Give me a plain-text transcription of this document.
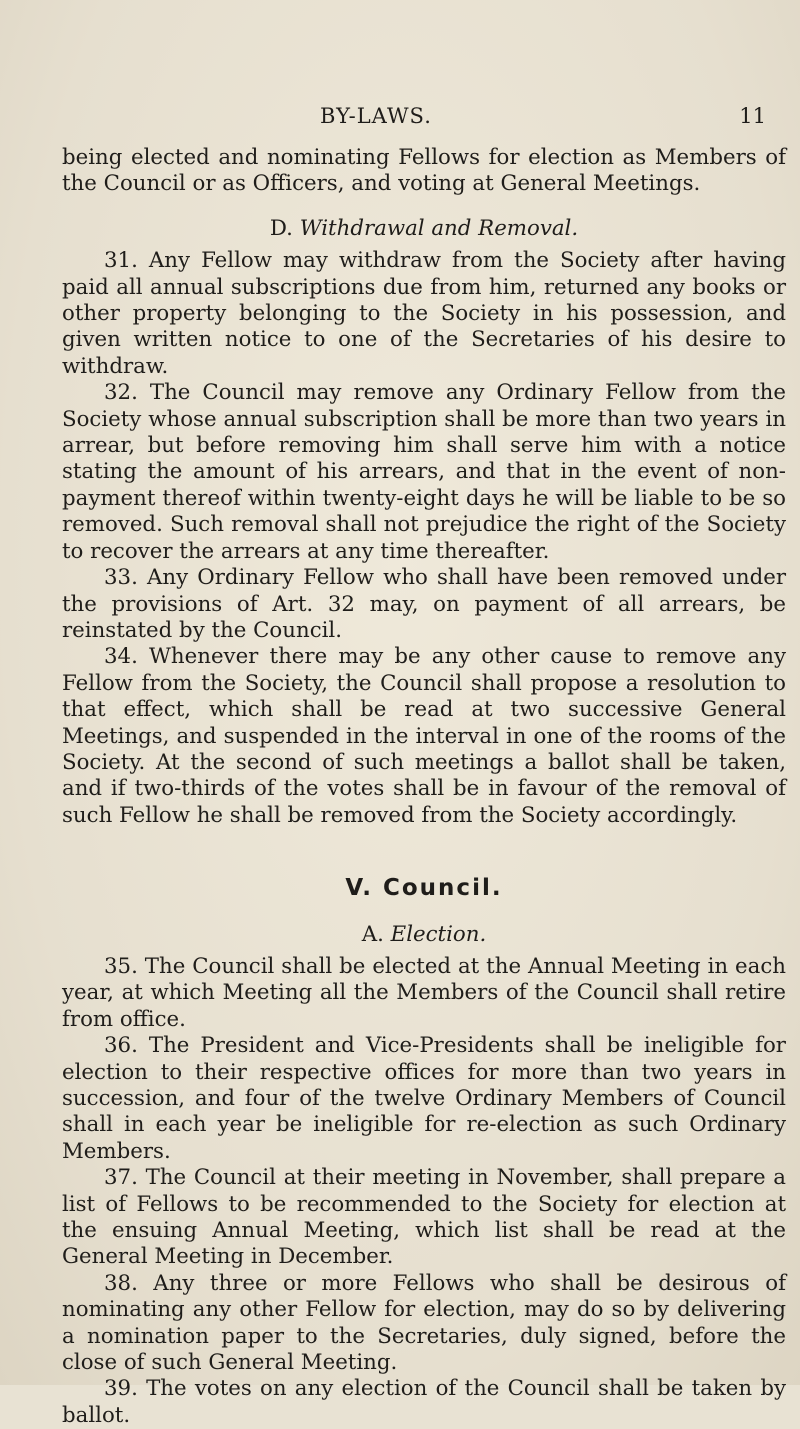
BY-LAWS.	11

being elected and nominating Fellows for election as Members of the Council or as Officers, and voting at General Meetings.

D. Withdrawal and Removal.

31. Any Fellow may withdraw from the Society after having paid all annual subscriptions due from him, returned any books or other property belonging to the Society in his possession, and given written notice to one of the Secretaries of his desire to withdraw.

32. The Council may remove any Ordinary Fellow from the Society whose annual subscription shall be more than two years in arrear, but before removing him shall serve him with a notice stating the amount of his arrears, and that in the event of non-payment thereof within twenty-eight days he will be liable to be so removed. Such removal shall not prejudice the right of the Society to recover the arrears at any time thereafter.

33. Any Ordinary Fellow who shall have been removed under the provisions of Art. 32 may, on payment of all arrears, be reinstated by the Council.

34. Whenever there may be any other cause to remove any Fellow from the Society, the Council shall propose a resolution to that effect, which shall be read at two successive General Meetings, and suspended in the interval in one of the rooms of the Society. At the second of such meetings a ballot shall be taken, and if two-thirds of the votes shall be in favour of the removal of such Fellow he shall be removed from the Society accordingly.

V. Council.
A. Election.

35. The Council shall be elected at the Annual Meeting in each year, at which Meeting all the Members of the Council shall retire from office.

36. The President and Vice-Presidents shall be ineligible for election to their respective offices for more than two years in succession, and four of the twelve Ordinary Members of Council shall in each year be ineligible for re-election as such Ordinary Members.

37. The Council at their meeting in November, shall prepare a list of Fellows to be recommended to the Society for election at the ensuing Annual Meeting, which list shall be read at the General Meeting in December.

38. Any three or more Fellows who shall be desirous of nominating any other Fellow for election, may do so by delivering a nomination paper to the Secretaries, duly signed, before the close of such General Meeting.

39. The votes on any election of the Council shall be taken by ballot.
